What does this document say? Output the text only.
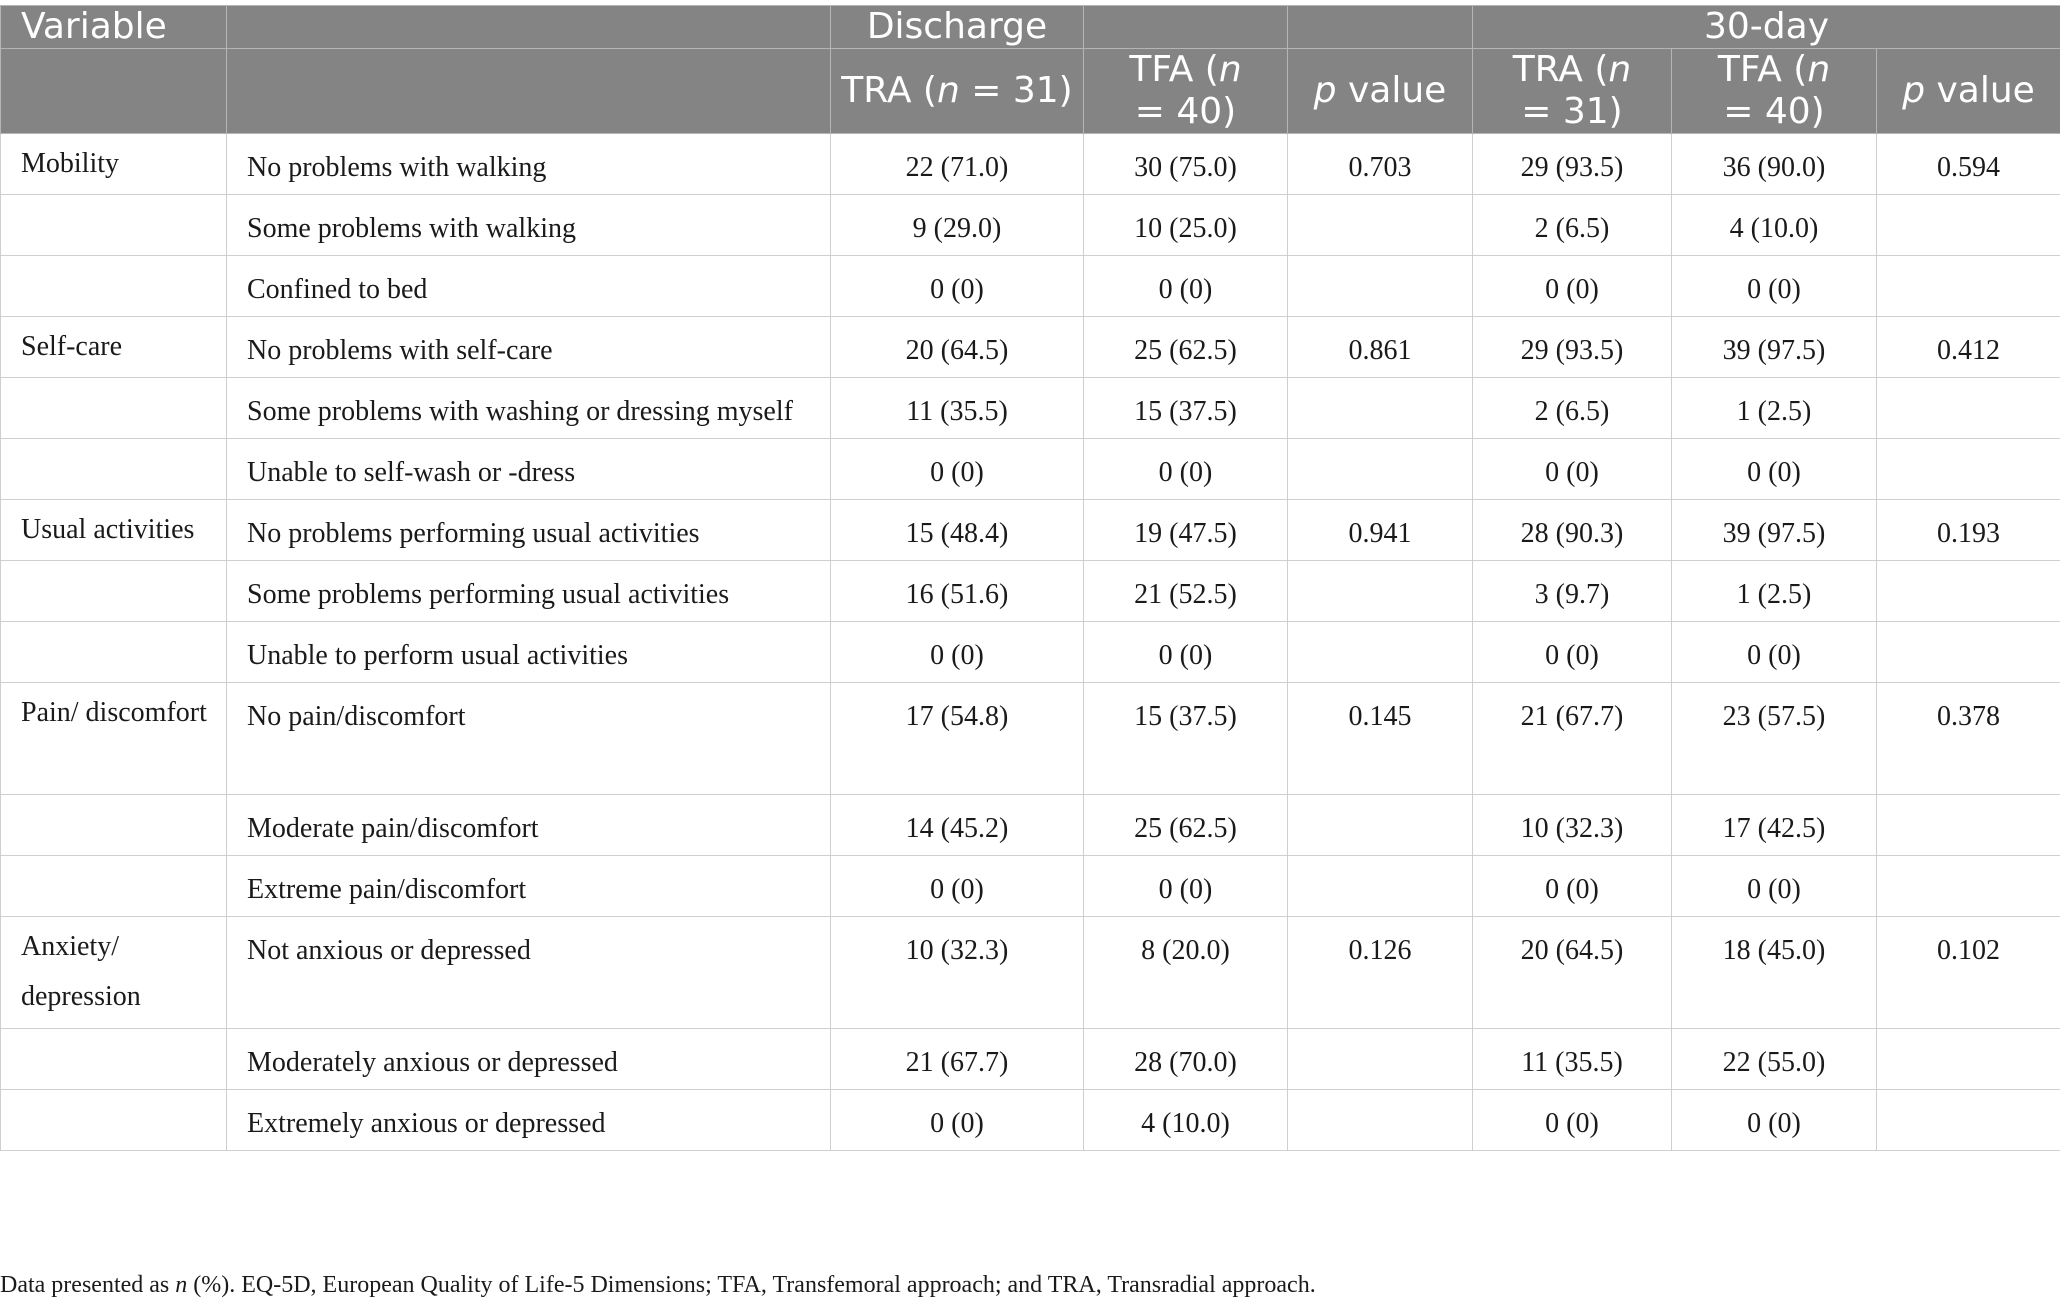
Variable		Discharge			30-day		
		TRA (n = 31)	TFA (n = 40)	p value	TRA (n = 31)	TFA (n = 40)	p value
Mobility	No problems with walking	22 (71.0)	30 (75.0)	0.703	29 (93.5)	36 (90.0)	0.594
	Some problems with walking	9 (29.0)	10 (25.0)		2 (6.5)	4 (10.0)	
	Confined to bed	0 (0)	0 (0)		0 (0)	0 (0)	
Self-care	No problems with self-care	20 (64.5)	25 (62.5)	0.861	29 (93.5)	39 (97.5)	0.412
	Some problems with washing or dressing myself	11 (35.5)	15 (37.5)		2 (6.5)	1 (2.5)	
	Unable to self-wash or -dress	0 (0)	0 (0)		0 (0)	0 (0)	
Usual activities	No problems performing usual activities	15 (48.4)	19 (47.5)	0.941	28 (90.3)	39 (97.5)	0.193
	Some problems performing usual activities	16 (51.6)	21 (52.5)		3 (9.7)	1 (2.5)	
	Unable to perform usual activities	0 (0)	0 (0)		0 (0)	0 (0)	
Pain/ discomfort	No pain/discomfort	17 (54.8)	15 (37.5)	0.145	21 (67.7)	23 (57.5)	0.378
	Moderate pain/discomfort	14 (45.2)	25 (62.5)		10 (32.3)	17 (42.5)	
	Extreme pain/discomfort	0 (0)	0 (0)		0 (0)	0 (0)	
Anxiety/ depression	Not anxious or depressed	10 (32.3)	8 (20.0)	0.126	20 (64.5)	18 (45.0)	0.102
	Moderately anxious or depressed	21 (67.7)	28 (70.0)		11 (35.5)	22 (55.0)	
	Extremely anxious or depressed	0 (0)	4 (10.0)		0 (0)	0 (0)	
Data presented as n (%). EQ-5D, European Quality of Life-5 Dimensions; TFA, Transfemoral approach; and TRA, Transradial approach.
